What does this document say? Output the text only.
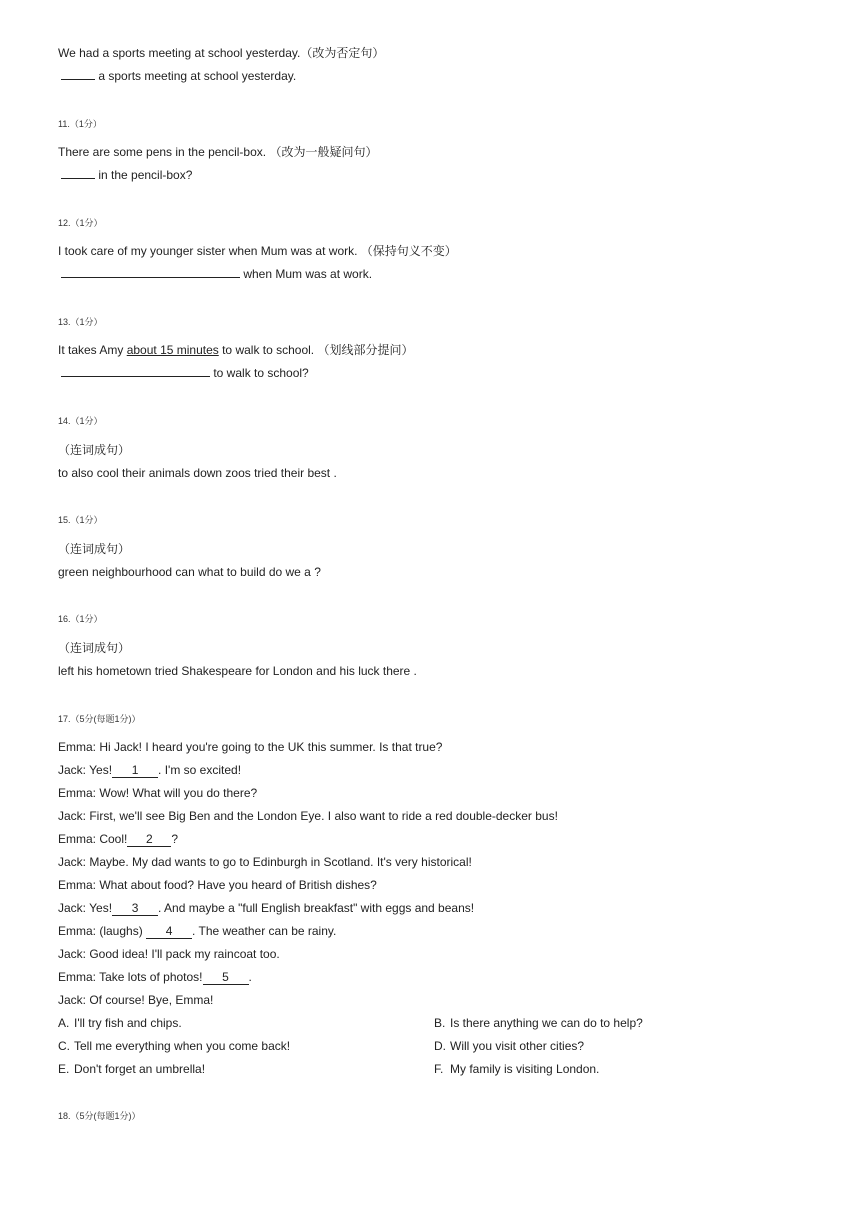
We had a sports meeting at school yesterday.（改为否定句）
a sports meeting at school yesterday.
11.（1分）
There are some pens in the pencil-box. （改为一般疑问句）
in the pencil-box?
12.（1分）
I took care of my younger sister when Mum was at work. （保持句义不变）
when Mum was at work.
13.（1分）
It takes Amy about 15 minutes to walk to school. （划线部分提问）
to walk to school?
14.（1分）
（连词成句）
to also cool their animals down zoos tried their best .
15.（1分）
（连词成句）
green neighbourhood can what to build do we a ?
16.（1分）
（连词成句）
left his hometown tried Shakespeare for London and his luck there .
17.（5分(每题1分)）
Emma: Hi Jack! I heard you're going to the UK this summer. Is that true?
Jack: Yes! 1 . I'm so excited!
Emma: Wow! What will you do there?
Jack: First, we'll see Big Ben and the London Eye. I also want to ride a red double-decker bus!
Emma: Cool! 2 ?
Jack: Maybe. My dad wants to go to Edinburgh in Scotland. It's very historical!
Emma: What about food? Have you heard of British dishes?
Jack: Yes! 3 . And maybe a "full English breakfast" with eggs and beans!
Emma: (laughs) 4 . The weather can be rainy.
Jack: Good idea! I'll pack my raincoat too.
Emma: Take lots of photos! 5 .
Jack: Of course! Bye, Emma!
A. I'll try fish and chips.	B. Is there anything we can do to help?
C. Tell me everything when you come back!	D. Will you visit other cities?
E. Don't forget an umbrella!	F. My family is visiting London.
18.（5分(每题1分)）
